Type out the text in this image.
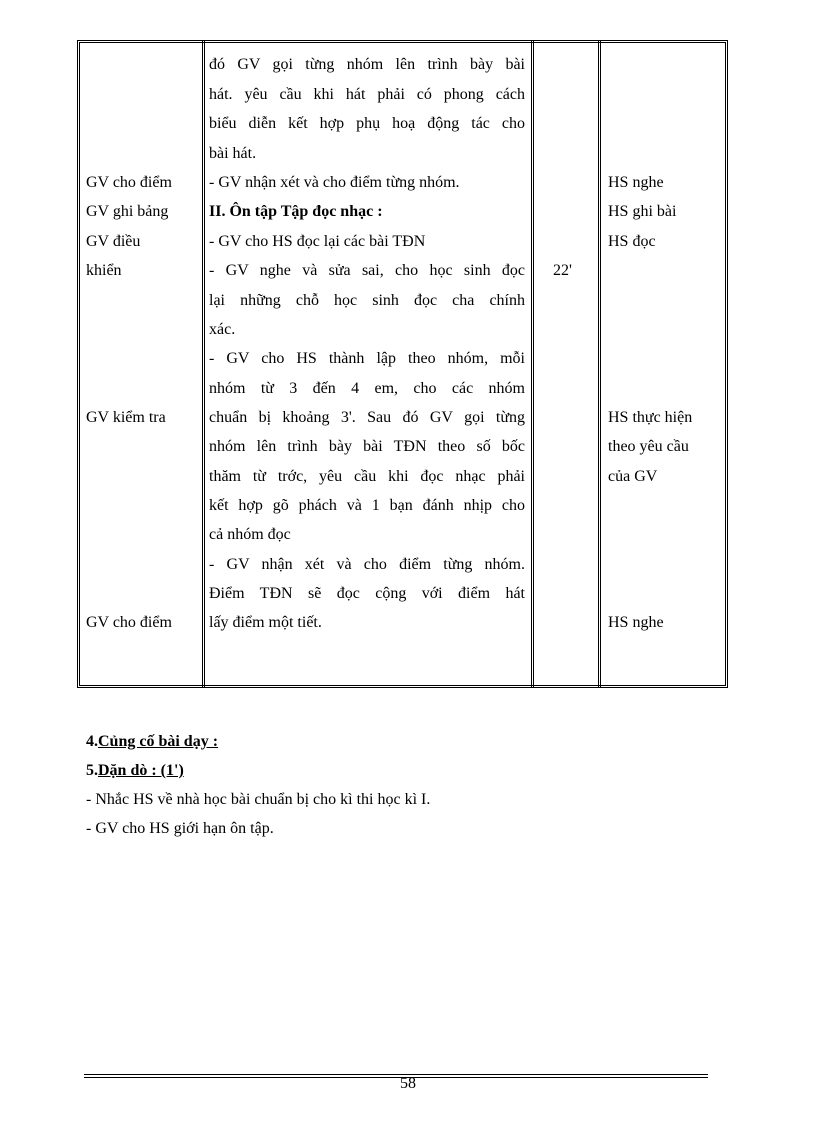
đó GV gọi từng nhóm lên trình bày bài
hát. yêu cầu khi hát phải có phong cách
biểu diễn kết hợp phụ hoạ động tác cho
bài hát.
- GV nhận xét và cho điểm từng nhóm.
II. Ôn tập Tập đọc nhạc :
- GV cho HS đọc lại các bài TĐN
- GV nghe và sửa sai, cho học sinh đọc
lại những chỗ học sinh đọc cha chính
xác.
- GV cho HS thành lập theo nhóm, mỗi
nhóm từ 3 đến 4 em, cho các nhóm
chuẩn bị khoảng 3'. Sau đó GV gọi từng
nhóm lên trình bày bài TĐN theo số bốc
thăm từ trớc, yêu cầu khi đọc nhạc phải
kết hợp gõ phách và 1 bạn đánh nhịp cho
cả nhóm đọc
- GV nhận xét và cho điểm từng nhóm.
Điểm TĐN sẽ đọc cộng với điểm hát
lấy điểm một tiết.
GV cho điểm
GV ghi bảng
GV điều
khiển
GV kiểm tra
GV cho điểm
22'
HS nghe
HS ghi bài
HS đọc
HS thực hiện
theo yêu cầu
của GV
HS nghe
4.Củng cố bài dạy :
5.Dặn dò : (1')
- Nhắc HS về nhà học bài chuẩn bị cho kì thi học kì I.
- GV cho HS giới hạn ôn tập.
58
